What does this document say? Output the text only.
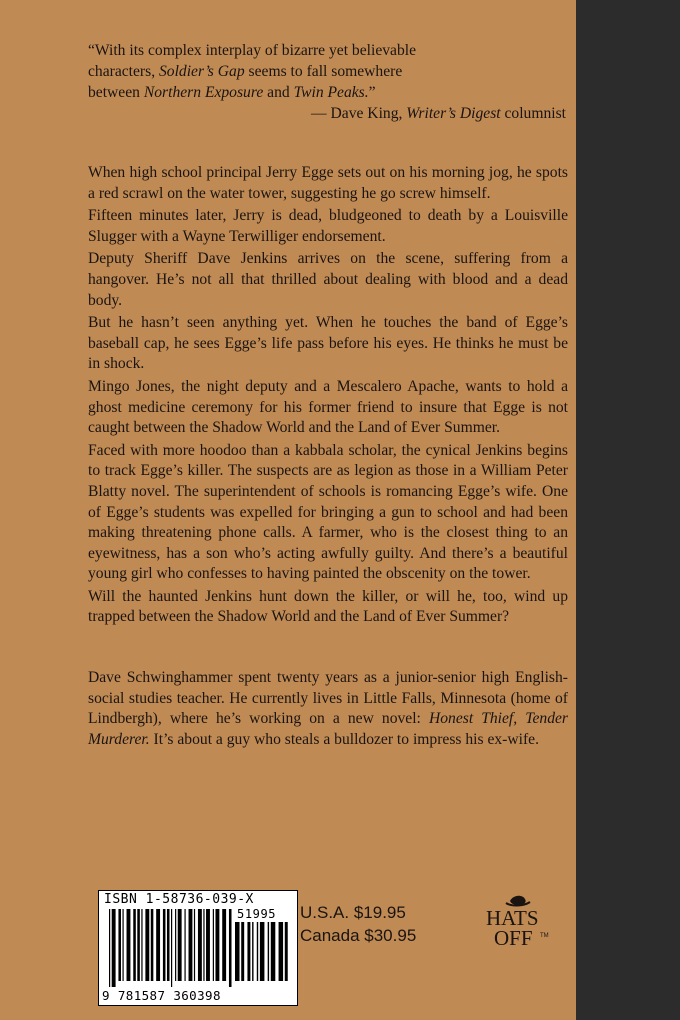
“With its complex interplay of bizarre yet believable

characters, Soldier’s Gap seems to fall somewhere

between Northern Exposure and Twin Peaks.”

— Dave King, Writer’s Digest columnist

When high school principal Jerry Egge sets out on his morning jog, he spots a red scrawl on the water tower, suggesting he go screw himself.

Fifteen minutes later, Jerry is dead, bludgeoned to death by a Louisville Slugger with a Wayne Terwilliger endorsement.

Deputy Sheriff Dave Jenkins arrives on the scene, suffering from a hangover. He’s not all that thrilled about dealing with blood and a dead body.

But he hasn’t seen anything yet. When he touches the band of Egge’s baseball cap, he sees Egge’s life pass before his eyes. He thinks he must be in shock.

Mingo Jones, the night deputy and a Mescalero Apache, wants to hold a ghost medicine ceremony for his former friend to insure that Egge is not caught between the Shadow World and the Land of Ever Summer.

Faced with more hoodoo than a kabbala scholar, the cynical Jenkins begins to track Egge’s killer. The suspects are as legion as those in a William Peter Blatty novel. The superintendent of schools is romancing Egge’s wife. One of Egge’s students was expelled for bringing a gun to school and had been making threatening phone calls. A farmer, who is the closest thing to an eyewitness, has a son who’s acting awfully guilty. And there’s a beautiful young girl who confesses to having painted the obscenity on the tower.

Will the haunted Jenkins hunt down the killer, or will he, too, wind up trapped between the Shadow World and the Land of Ever Summer?

Dave Schwinghammer spent twenty years as a junior-senior high English-social studies teacher. He currently lives in Little Falls, Minnesota (home of Lindbergh), where he’s working on a new novel: Honest Thief, Tender Murderer. It’s about a guy who steals a bulldozer to impress his ex-wife.

ISBN 1-58736-039-X
51995
9 781587 360398
U.S.A. $19.95
Canada $30.95
HATS
OFF TM
